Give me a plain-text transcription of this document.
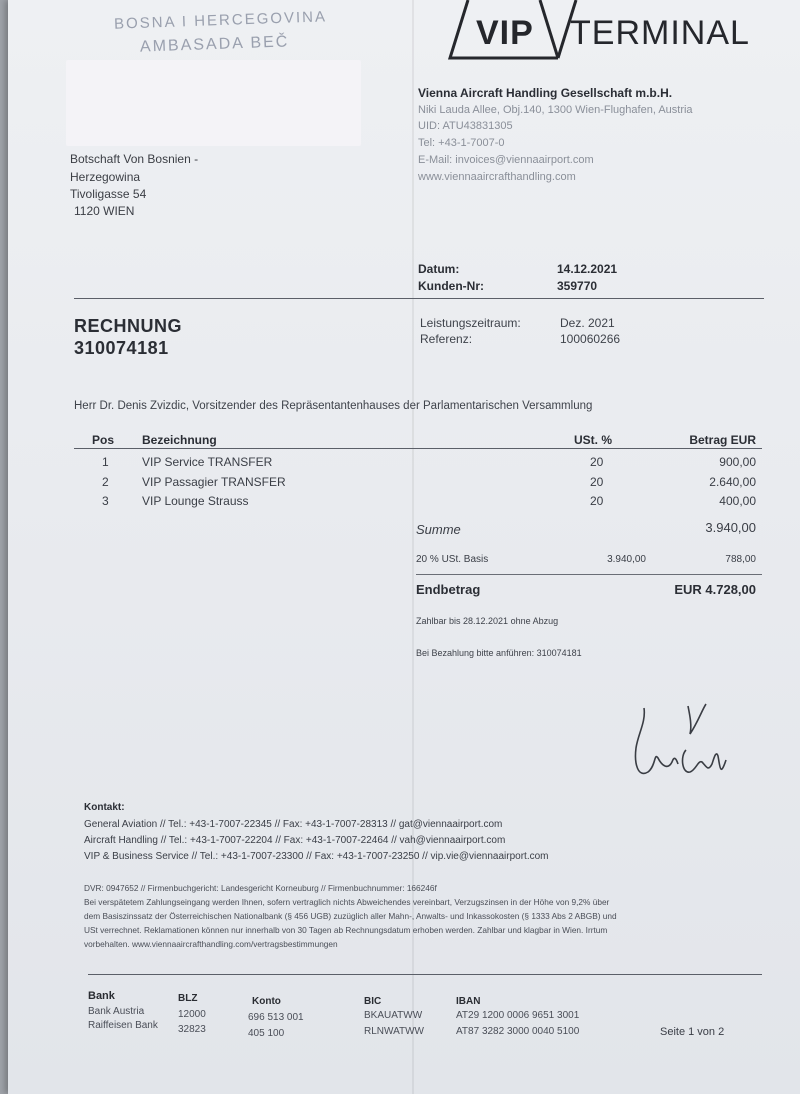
BOSNA I HERCEGOVINA
AMBASADA BEČ	VIP TERMINAL
Vienna Aircraft Handling Gesellschaft m.b.H.
Niki Lauda Allee, Obj.140, 1300 Wien-Flughafen, Austria
UID: ATU43831305
Tel: +43-1-7007-0
E-Mail: invoices@viennaairport.com
www.viennaaircrafthandling.com
Botschaft Von Bosnien -
Herzegowina
Tivoligasse 54
1120 WIEN
Datum:	14.12.2021
Kunden-Nr:	359770
RECHNUNG
310074181
Leistungszeitraum:	Dez. 2021
Referenz:	100060266
Herr Dr. Denis Zvizdic, Vorsitzender des Repräsentantenhauses der Parlamentarischen Versammlung
Pos Bezeichnung	USt. %	Betrag EUR
1	VIP Service TRANSFER	20	900,00
2	VIP Passagier TRANSFER	20	2.640,00
3	VIP Lounge Strauss	20	400,00
Summe	3.940,00
20 % USt. Basis	3.940,00	788,00
Endbetrag	EUR 4.728,00
Zahlbar bis 28.12.2021 ohne Abzug
Bei Bezahlung bitte anführen: 310074181
Kontakt:
General Aviation // Tel.: +43-1-7007-22345 // Fax: +43-1-7007-28313 // gat@viennaairport.com
Aircraft Handling // Tel.: +43-1-7007-22204 // Fax: +43-1-7007-22464 // vah@viennaairport.com
VIP & Business Service // Tel.: +43-1-7007-23300 // Fax: +43-1-7007-23250 // vip.vie@viennaairport.com
DVR: 0947652 // Firmenbuchgericht: Landesgericht Korneuburg // Firmenbuchnummer: 166246f
Bei verspätetem Zahlungseingang werden Ihnen, sofern vertraglich nichts Abweichendes vereinbart, Verzugszinsen in der Höhe von 9,2% über
dem Basiszinssatz der Österreichischen Nationalbank (§ 456 UGB) zuzüglich aller Mahn-, Anwalts- und Inkassokosten (§ 1333 Abs 2 ABGB) und
USt verrechnet. Reklamationen können nur innerhalb von 30 Tagen ab Rechnungsdatum erhoben werden. Zahlbar und klagbar in Wien. Irrtum
vorbehalten. www.viennaaircrafthandling.com/vertragsbestimmungen
Bank	BLZ	Konto	BIC	IBAN
Bank Austria	12000	696 513 001	BKAUATWW	AT29 1200 0006 9651 3001
Raiffeisen Bank 32823	405 100	RLNWATWW	AT87 3282 3000 0040 5100	Seite 1 von 2
